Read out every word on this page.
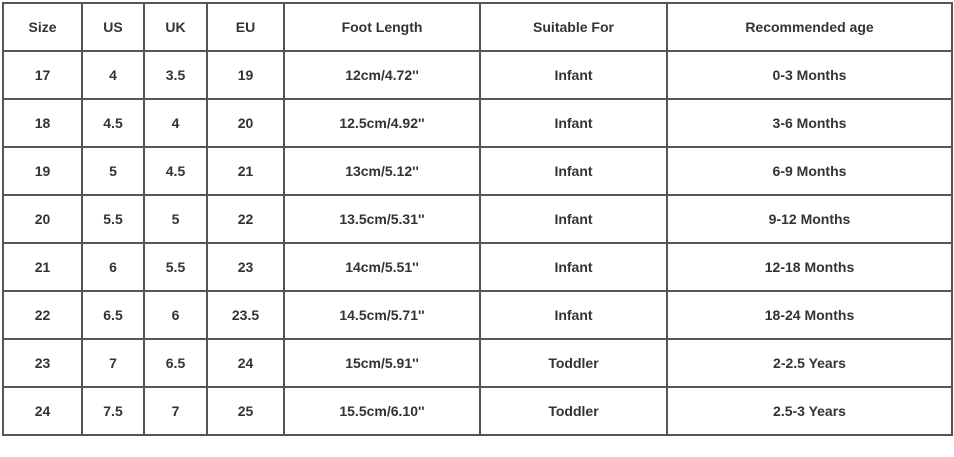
Size	US	UK	EU	Foot Length	Suitable For	Recommended age
17	4	3.5	19	12cm/4.72''	Infant	0-3 Months
18	4.5	4	20	12.5cm/4.92''	Infant	3-6 Months
19	5	4.5	21	13cm/5.12''	Infant	6-9 Months
20	5.5	5	22	13.5cm/5.31''	Infant	9-12 Months
21	6	5.5	23	14cm/5.51''	Infant	12-18 Months
22	6.5	6	23.5	14.5cm/5.71''	Infant	18-24 Months
23	7	6.5	24	15cm/5.91''	Toddler	2-2.5 Years
24	7.5	7	25	15.5cm/6.10''	Toddler	2.5-3 Years
